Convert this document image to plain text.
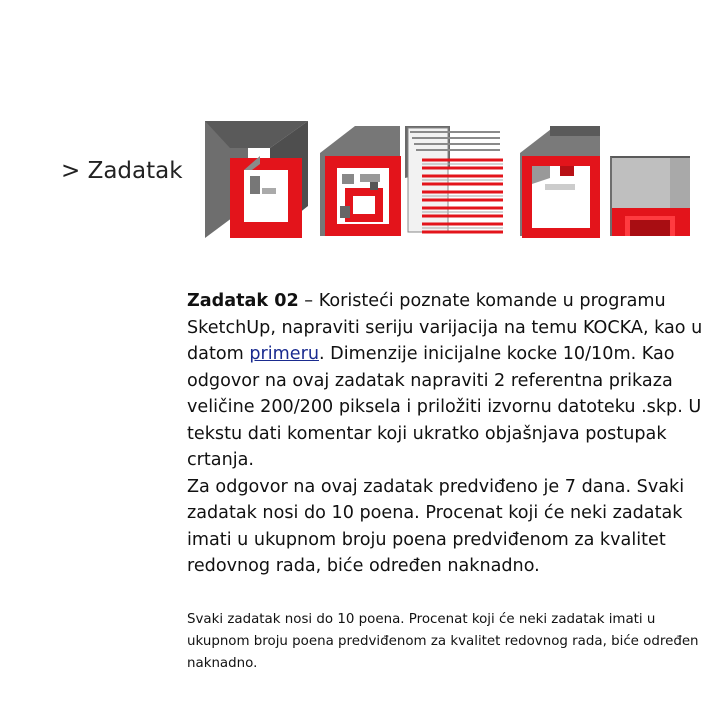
> Zadatak

Zadatak 02 – Koristeći poznate komande u programu SketchUp, napraviti seriju varijacija na temu KOCKA, kao u datom primeru. Dimenzije inicijalne kocke 10/10m. Kao odgovor na ovaj zadatak napraviti 2 referentna prikaza veličine 200/200 piksela i priložiti izvornu datoteku .skp. U tekstu dati komentar koji ukratko objašnjava postupak crtanja.

Za odgovor na ovaj zadatak predviđeno je 7 dana. Svaki zadatak nosi do 10 poena. Procenat koji će neki zadatak imati u ukupnom broju poena predviđenom za kvalitet redovnog rada, biće određen naknadno.

Svaki zadatak nosi do 10 poena. Procenat koji će neki zadatak imati u ukupnom broju poena predviđenom za kvalitet redovnog rada, biće određen naknadno.
